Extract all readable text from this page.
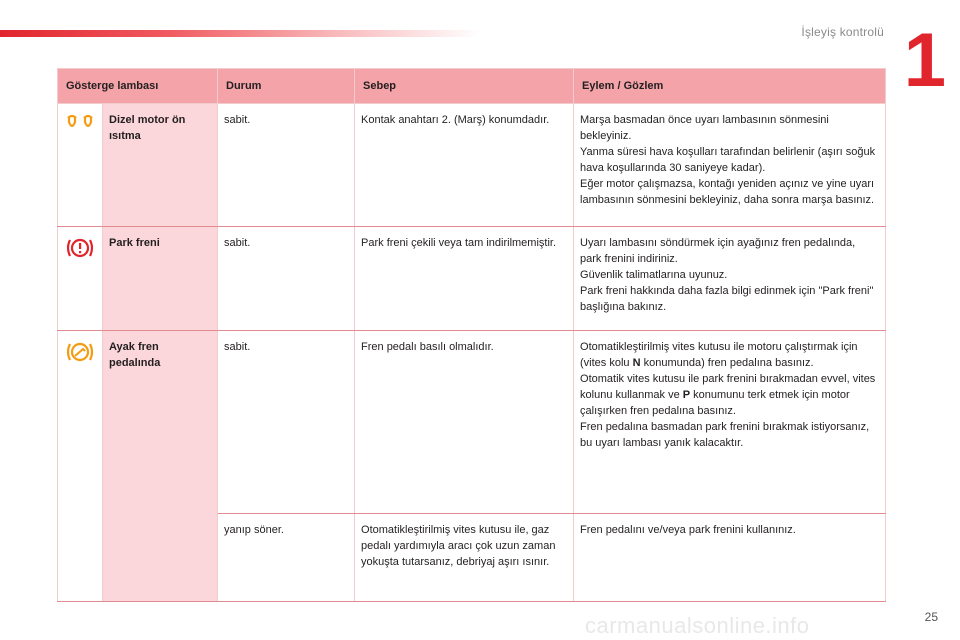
İşleyiş kontrolü 1
Gösterge lambası		Durum	Sebep	Eylem / Gözlem
	Dizel motor ön ısıtma	sabit.	Kontak anahtarı 2. (Marş) konumdadır.	Marşa basmadan önce uyarı lambasının sönmesini bekleyiniz.
Yanma süresi hava koşulları tarafından belirlenir (aşırı soğuk hava koşullarında 30 saniyeye kadar).
Eğer motor çalışmazsa, kontağı yeniden açınız ve yine uyarı lambasının sönmesini bekleyiniz, daha sonra marşa basınız.

	Park freni	sabit.	Park freni çekili veya tam indirilmemiştir.	Uyarı lambasını söndürmek için ayağınız fren pedalında, park frenini indiriniz.
Güvenlik talimatlarına uyunuz.
Park freni hakkında daha fazla bilgi edinmek için "Park freni" başlığına bakınız.

	Ayak fren pedalında	sabit.	Fren pedalı basılı olmalıdır.	Otomatikleştirilmiş vites kutusu ile motoru çalıştırmak için (vites kolu N konumunda) fren pedalına basınız.
Otomatik vites kutusu ile park frenini bırakmadan evvel, vites kolunu kullanmak ve P konumunu terk etmek için motor çalışırken fren pedalına basınız.
Fren pedalına basmadan park frenini bırakmak istiyorsanız, bu uyarı lambası yanık kalacaktır.

		yanıp söner.	Otomatikleştirilmiş vites kutusu ile, gaz pedalı yardımıyla aracı çok uzun zaman yokuşta tutarsanız, debriyaj aşırı ısınır.	Fren pedalını ve/veya park frenini kullanınız.
carmanualsonline.info	25
